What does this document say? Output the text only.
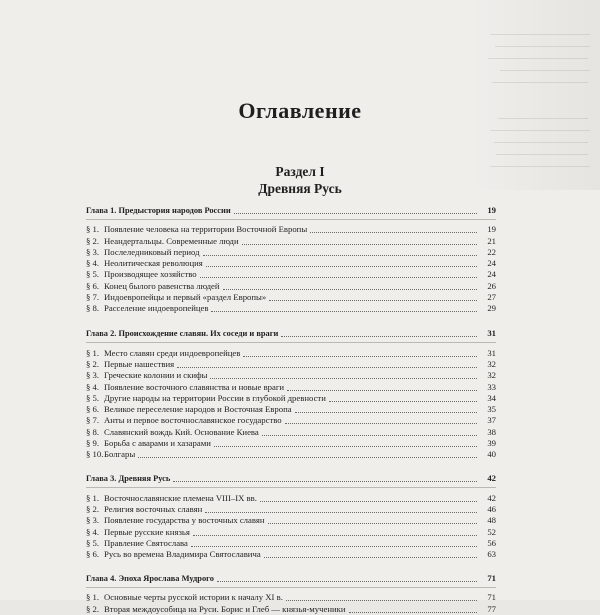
Оглавление
Раздел I
Древняя Русь
Глава 1. Предыстория народов России	19
§ 1. Появление человека на территории Восточной Европы	19
§ 2. Неандертальцы. Современные люди	21
§ 3. Послеледниковый период	22
§ 4. Неолитическая революция	24
§ 5. Производящее хозяйство	24
§ 6. Конец былого равенства людей	26
§ 7. Индоевропейцы и первый «раздел Европы»	27
§ 8. Расселение индоевропейцев	29
Глава 2. Происхождение славян. Их соседи и враги	31
§ 1. Место славян среди индоевропейцев	31
§ 2. Первые нашествия	32
§ 3. Греческие колонии и скифы	32
§ 4. Появление восточного славянства и новые враги	33
§ 5. Другие народы на территории России в глубокой древности	34
§ 6. Великое переселение народов и Восточная Европа	35
§ 7. Анты и первое восточнославянское государство	37
§ 8. Славянский вождь Кий. Основание Киева	38
§ 9. Борьба с аварами и хазарами	39
§ 10.Болгары	40
Глава 3. Древняя Русь	42
§ 1. Восточнославянские племена VIII–IX вв.	42
§ 2. Религия восточных славян	46
§ 3. Появление государства у восточных славян	48
§ 4. Первые русские князья	52
§ 5. Правление Святослава	56
§ 6. Русь во времена Владимира Святославича	63
Глава 4. Эпоха Ярослава Мудрого	71
§ 1. Основные черты русской истории к началу XI в.	71
§ 2. Вторая междоусобица на Руси. Борис и Глеб — князья-мученики	77
